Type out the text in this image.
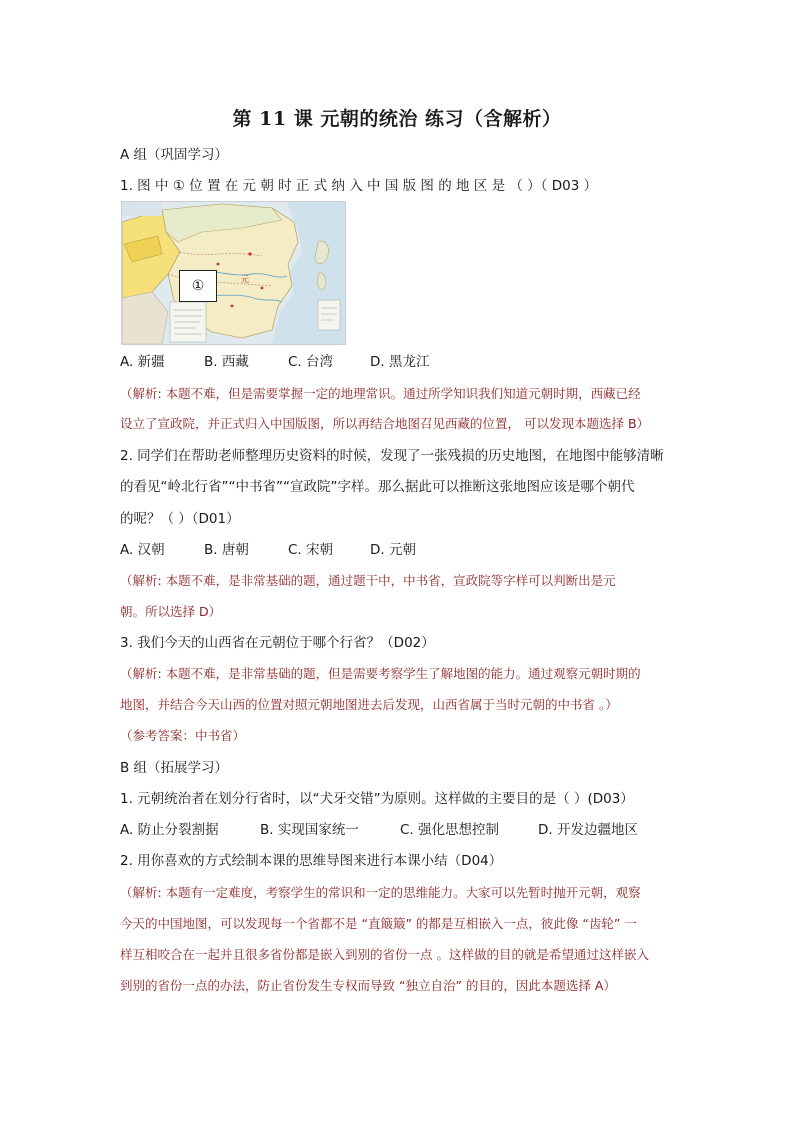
第 11 课 元朝的统治 练习（含解析）
A 组（巩固学习）
1. 图 中 ① 位 置 在 元 朝 时 正 式 纳 入 中 国 版 图 的 地 区 是 （ ）（ D03 ）
元
①
A. 新疆	B. 西藏	C. 台湾	D. 黑龙江
（解析: 本题不难，但是需要掌握一定的地理常识。通过所学知识我们知道元朝时期，西藏已经
设立了宣政院，并正式归入中国版图，所以再结合地图召见西藏的位置， 可以发现本题选择 B）
2. 同学们在帮助老师整理历史资料的时候，发现了一张残损的历史地图，在地图中能够清晰
的看见“岭北行省”“中书省”“宣政院”字样。那么据此可以推断这张地图应该是哪个朝代
的呢？（ ）（D01）
A. 汉朝	B. 唐朝	C. 宋朝	D. 元朝
（解析: 本题不难，是非常基础的题，通过题干中，中书省，宣政院等字样可以判断出是元
朝。所以选择 D）
3. 我们今天的山西省在元朝位于哪个行省？（D02）
（解析: 本题不难，是非常基础的题，但是需要考察学生了解地图的能力。通过观察元朝时期的
地图，并结合今天山西的位置对照元朝地图进去后发现，山西省属于当时元朝的中书省 。）
（参考答案：中书省）
B 组（拓展学习）
1. 元朝统治者在划分行省时，以“犬牙交错”为原则。这样做的主要目的是（ ）(D03）
A. 防止分裂割据	B. 实现国家统一	C. 强化思想控制	D. 开发边疆地区
2. 用你喜欢的方式绘制本课的思维导图来进行本课小结（D04）
（解析: 本题有一定难度，考察学生的常识和一定的思维能力。大家可以先暂时抛开元朝，观察
今天的中国地图，可以发现每一个省都不是 “直簸簸” 的都是互相嵌入一点，彼此像 “齿轮” 一
样互相咬合在一起并且很多省份都是嵌入到别的省份一点 。这样做的目的就是希望通过这样嵌入
到别的省份一点的办法，防止省份发生专权而导致 “独立自治” 的目的，因此本题选择 A）
